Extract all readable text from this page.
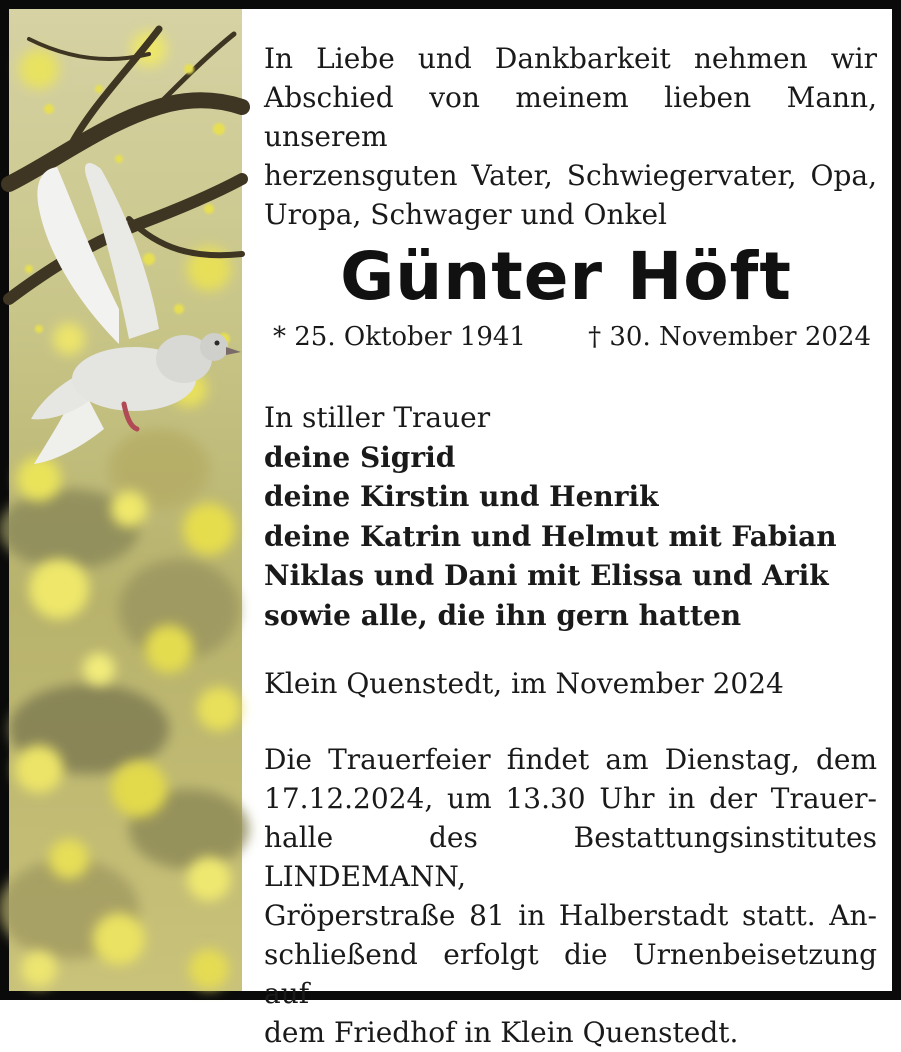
In Liebe und Dankbarkeit nehmen wir
Abschied von meinem lieben Mann, unserem
herzensguten Vater, Schwiegervater, Opa,
Uropa, Schwager und Onkel
Günter Höft
* 25. Oktober 1941 † 30. November 2024
In stiller Trauer
deine Sigrid
deine Kirstin und Henrik
deine Katrin und Helmut mit Fabian
Niklas und Dani mit Elissa und Arik
sowie alle, die ihn gern hatten
Klein Quenstedt, im November 2024
Die Trauerfeier findet am Dienstag, dem
17.12.2024, um 13.30 Uhr in der Trauer-
halle des Bestattungsinstitutes LINDEMANN,
Gröperstraße 81 in Halberstadt statt. An-
schließend erfolgt die Urnenbeisetzung auf
dem Friedhof in Klein Quenstedt.
